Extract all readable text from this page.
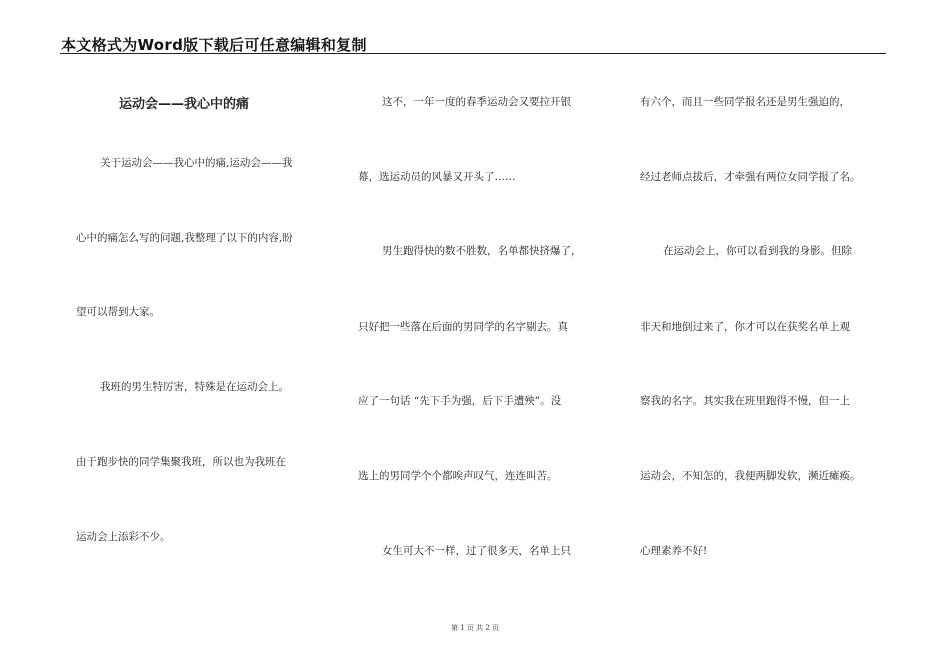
本文格式为Word版下载后可任意编辑和复制
运动会——我心中的痛
关于运动会——我心中的痛,运动会——我
心中的痛怎么写的问题,我整理了以下的内容,盼
望可以帮到大家。
我班的男生特厉害，特殊是在运动会上。
由于跑步快的同学集聚我班，所以也为我班在
运动会上添彩不少。
这不，一年一度的春季运动会又要拉开银
幕，选运动员的风暴又开头了……
男生跑得快的数不胜数，名单都快挤爆了，
只好把一些落在后面的男同学的名字剔去。真
应了一句话 “先下手为强，后下手遭殃”。没
选上的男同学个个都唉声叹气，连连叫苦。
女生可大不一样，过了很多天，名单上只
有六个，而且一些同学报名还是男生强迫的，
经过老师点拔后，才牵强有两位女同学报了名。
在运动会上，你可以看到我的身影。但除
非天和地倒过来了，你才可以在获奖名单上观
察我的名字。其实我在班里跑得不慢，但一上
运动会，不知怎的，我便两脚发软，濒近瘫痪。
心理素养不好!
第 1 页 共 2 页
